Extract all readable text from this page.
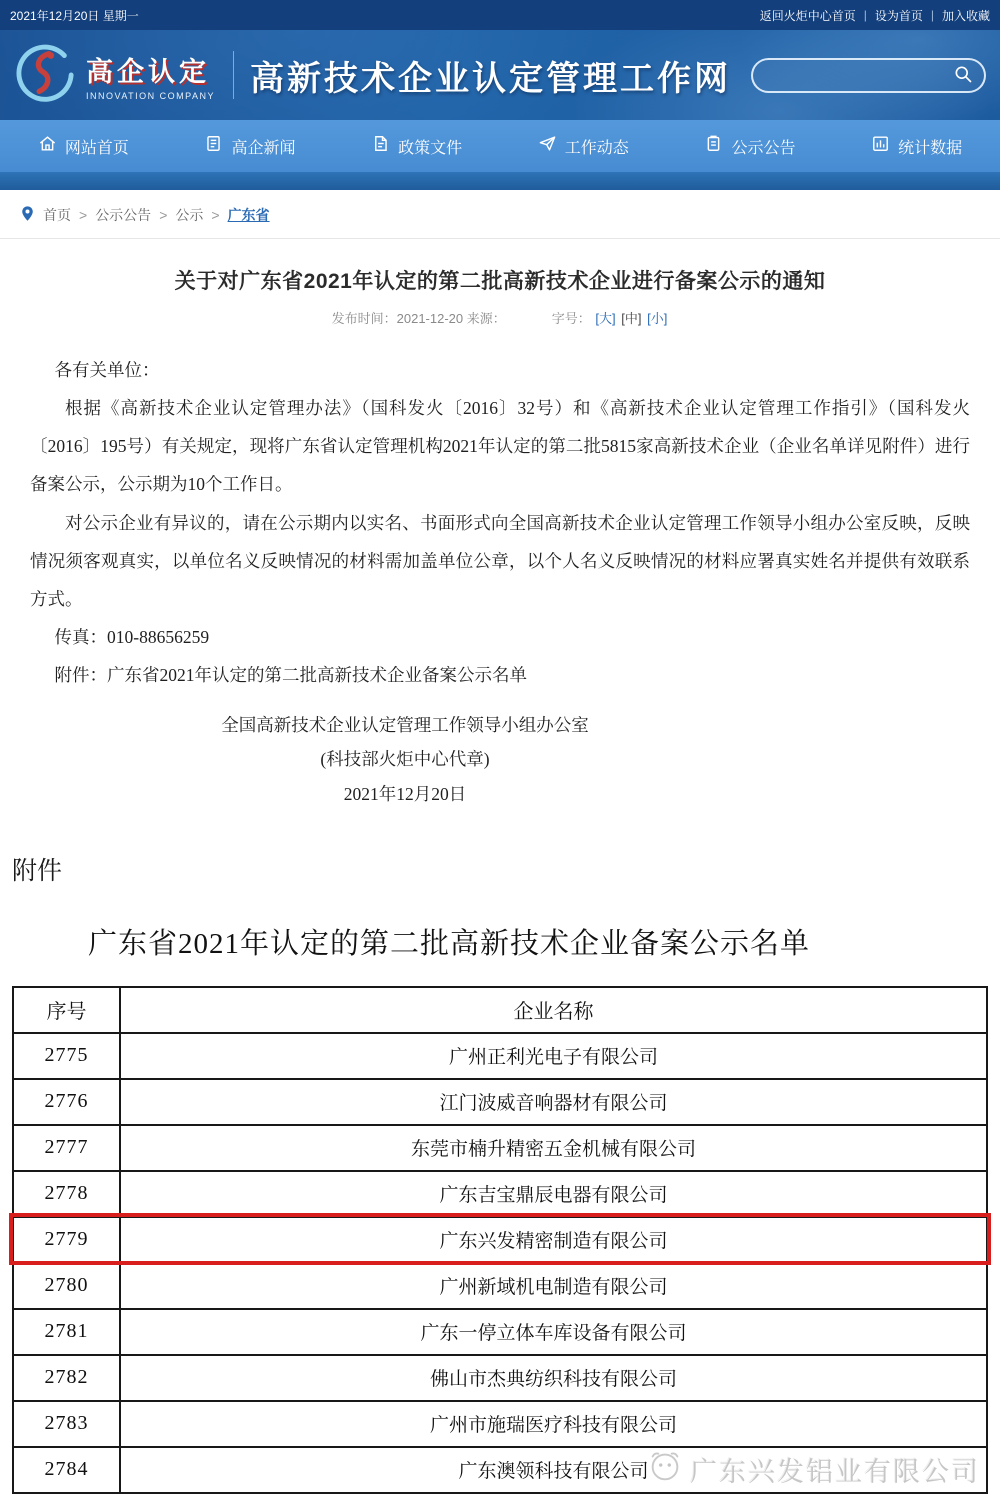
2021年12月20日 星期一	返回火炬中心首页 | 设为首页 | 加入收藏
高企认定
INNOVATION COMPANY 高新技术企业认定管理工作网
网站首页	高企新闻	政策文件	工作动态	公示公告	统计数据
首页 > 公示公告 > 公示 > 广东省
关于对广东省2021年认定的第二批高新技术企业进行备案公示的通知
发布时间：2021-12-20 来源：	字号： [大] [中] [小]

各有关单位：

根据《高新技术企业认定管理办法》（国科发火〔2016〕32号）和《高新技术企业认定管理工作指引》（国科发火〔2016〕195号）有关规定，现将广东省认定管理机构2021年认定的第二批5815家高新技术企业（企业名单详见附件）进行备案公示，公示期为10个工作日。

对公示企业有异议的，请在公示期内以实名、书面形式向全国高新技术企业认定管理工作领导小组办公室反映，反映情况须客观真实，以单位名义反映情况的材料需加盖单位公章，以个人名义反映情况的材料应署真实姓名并提供有效联系方式。

传真：010-88656259

附件：广东省2021年认定的第二批高新技术企业备案公示名单

全国高新技术企业认定管理工作领导小组办公室
(科技部火炬中心代章)
2021年12月20日
附件
广东省2021年认定的第二批高新技术企业备案公示名单
序号	企业名称
2775	广州正利光电子有限公司
2776	江门波威音响器材有限公司
2777	东莞市楠升精密五金机械有限公司
2778	广东吉宝鼎辰电器有限公司
2779	广东兴发精密制造有限公司
2780	广州新域机电制造有限公司
2781	广东一停立体车库设备有限公司
2782	佛山市杰典纺织科技有限公司
2783	广州市施瑞医疗科技有限公司
2784	广东澳领科技有限公司 广东兴发铝业有限公司
